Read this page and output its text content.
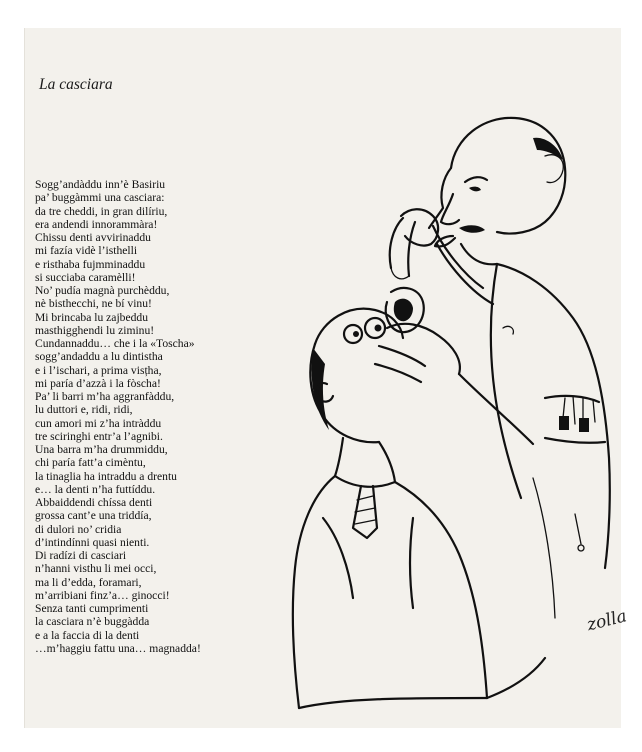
La casciara
Sogg’andàddu inn’è Basiriu
pa’ buggàmmi una casciara:
da tre cheddi, in gran dilíriu,
era andendi innorammàra!
Chissu denti avvirinaddu
mi fazía vidè l’isthelli
e risthaba fujmminaddu
si succiaba caramèlli!
No’ pudía magnà purchèddu,
nè bisthecchi, ne bí vinu!
Mi brincaba lu zajbeddu
masthigghendi lu ziminu!
Cundannaddu… che i la «Toscha»
sogg’andaddu a lu dintistha
e i l’ischari, a prima visțha,
mi paría d’azzà i la fòscha!
Pa’ li barri m’ha aggranfàddu,
lu duttori e, ridi, ridi,
cun amori mi z’ha intràddu
tre sciringhi entr’a l’agnibi.
Una barra m’ha drummiddu,
chi paría fatt’a cimèntu,
la tinaglia ha intraddu a drentu
e… la denti n’ha futtíddu.
Abbaiddendi chíssa denti
grossa cant’e una triddía,
di dulori no’ cridia
d’intindínni quasi nienti.
Di radízi di casciari
n’hanni visthu li mei occi,
ma li d’edda, foramari,
m’arribiani finz’a… ginocci!
Senza tanti cumprimenti
la casciara n’è buggàdda
e a la faccia di la denti
…m’haggiu fattu una… magnadda!
zolla
